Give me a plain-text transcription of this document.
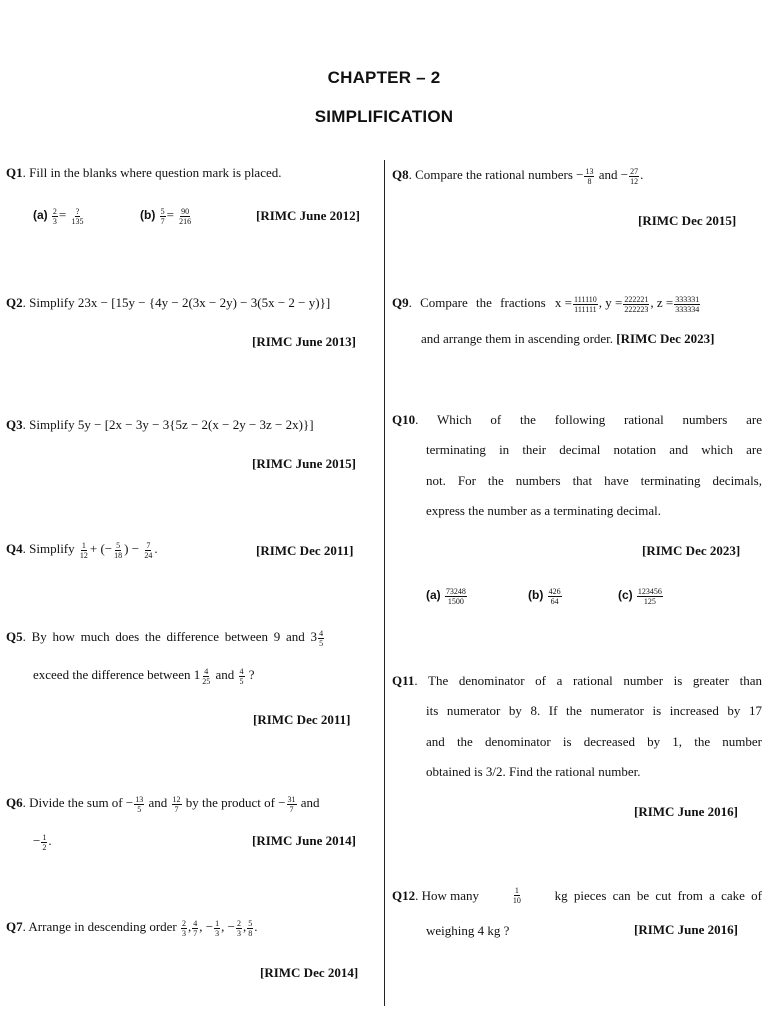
CHAPTER – 2
SIMPLIFICATION
Q1. Fill in the blanks where question mark is placed.
$(a) \frac{2}{3} = \frac{?}{135}$	$(b) \frac{5}{7} = \frac{90}{216}$	[RIMC June 2012]
Q2. Simplify 23x − [15y − {4y − 2(3x − 2y) − 3(5x − 2 − y)}]
[RIMC June 2013]
Q3. Simplify 5y − [2x − 3y − 3{5z − 2(x − 2y − 3z − 2x)}]
[RIMC June 2015]
Q4. Simplify $\frac{1}{12}$ + (− $\frac{5}{18}$ ) − $\frac{7}{24}$ .	[RIMC Dec 2011]
Q5. By how much does the difference between 9 and $3 \frac{4}{5}$
exceed the difference between $1 \frac{4}{25}$ and $\frac{4}{5}$ ?
[RIMC Dec 2011]
Q6. Divide the sum of − $\frac{13}{5}$ and $\frac{12}{7}$ by the product of − $\frac{31}{7}$ and
− $\frac{1}{2}$ .	[RIMC June 2014]
Q7. Arrange in descending order $\frac{2}{3}$ , $\frac{4}{7}$ , − $\frac{1}{3}$ , − $\frac{2}{3}$ , $\frac{5}{8}$ .
[RIMC Dec 2014]
Q8. Compare the rational numbers − $\frac{13}{8}$ and − $\frac{27}{12}$ .
[RIMC Dec 2015]
Q9. Compare the fractions $x = \frac{111110}{111111}$ , $y = \frac{222221}{222223}$ , $z = \frac{333331}{333334}$
and arrange them in ascending order. [RIMC Dec 2023]
Q10. Which of the following rational numbers are
terminating in their decimal notation and which are
not. For the numbers that have terminating decimals,
express the number as a terminating decimal.
[RIMC Dec 2023]
$(a) \frac{73248}{1500}$	$(b) \frac{426}{64}$	$(c) \frac{123456}{125}$
Q11. The denominator of a rational number is greater than
its numerator by 8. If the numerator is increased by 17
and the denominator is decreased by 1, the number
obtained is 3/2. Find the rational number.
[RIMC June 2016]
Q12. How many	$\frac{1}{10}$	kg pieces can be cut from a cake of
weighing 4 kg ?	[RIMC June 2016]
